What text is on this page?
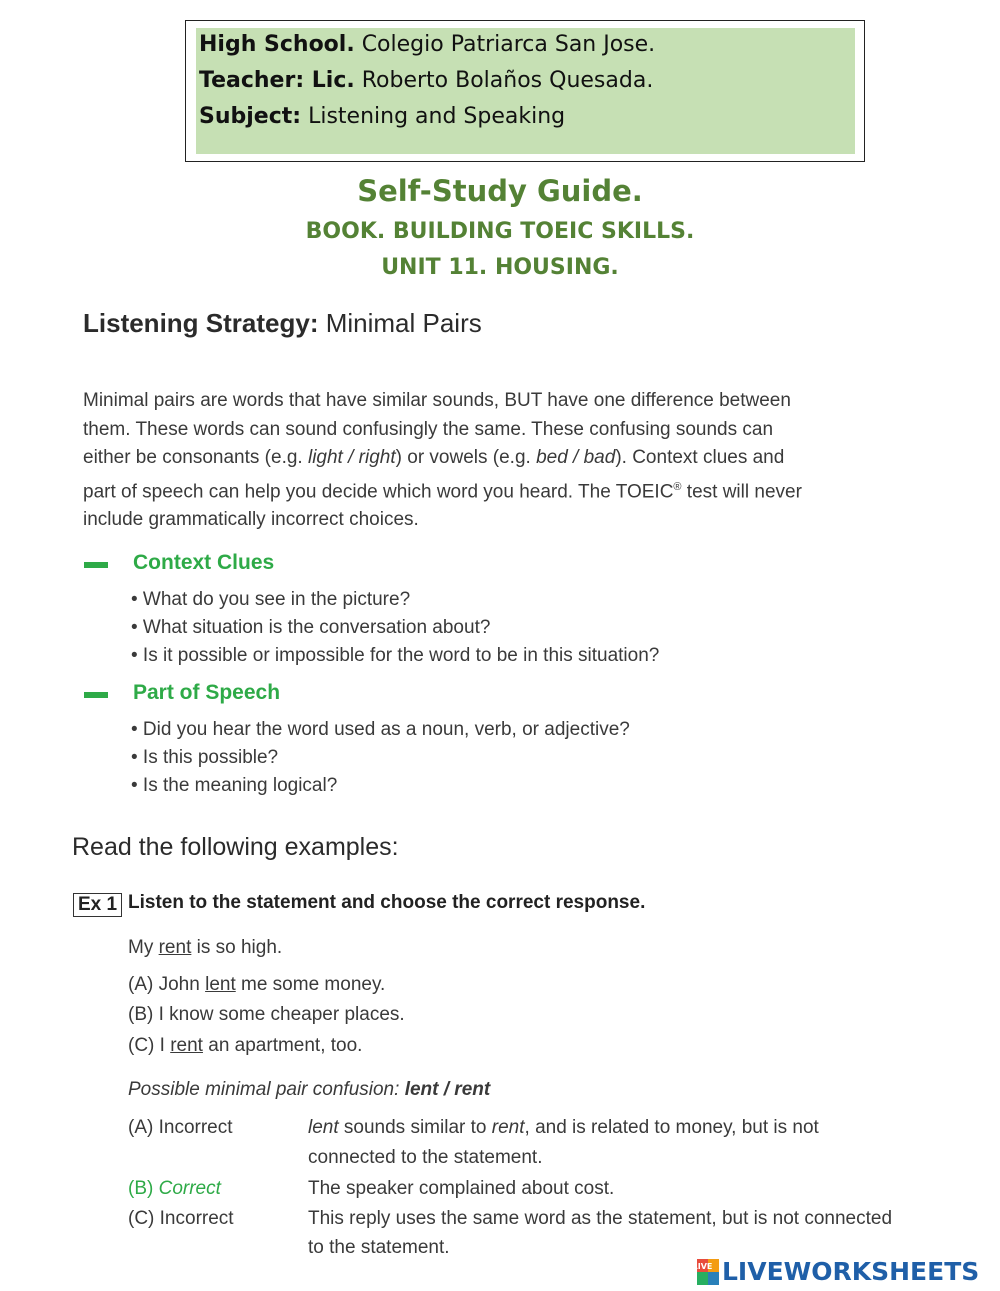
High School. Colegio Patriarca San Jose.
Teacher: Lic. Roberto Bolaños Quesada.
Subject: Listening and Speaking
Self-Study Guide.
BOOK. BUILDING TOEIC SKILLS.
UNIT 11. HOUSING.
Listening Strategy: Minimal Pairs
Minimal pairs are words that have similar sounds, BUT have one difference between
them. These words can sound confusingly the same. These confusing sounds can
either be consonants (e.g. light / right) or vowels (e.g. bed / bad). Context clues and
part of speech can help you decide which word you heard. The TOEIC® test will never
include grammatically incorrect choices.
Context Clues
• What do you see in the picture?
• What situation is the conversation about?
• Is it possible or impossible for the word to be in this situation?
Part of Speech
• Did you hear the word used as a noun, verb, or adjective?
• Is this possible?
• Is the meaning logical?
Read the following examples:
Ex 1 Listen to the statement and choose the correct response.
My rent is so high.
(A) John lent me some money.
(B) I know some cheaper places.
(C) I rent an apartment, too.
Possible minimal pair confusion: lent / rent
(A) Incorrect	lent sounds similar to rent, and is related to money, but is not
connected to the statement.
(B) Correct	The speaker complained about cost.
(C) Incorrect	This reply uses the same word as the statement, but is not connected
to the statement.
LIVE LIVEWORKSHEETS
